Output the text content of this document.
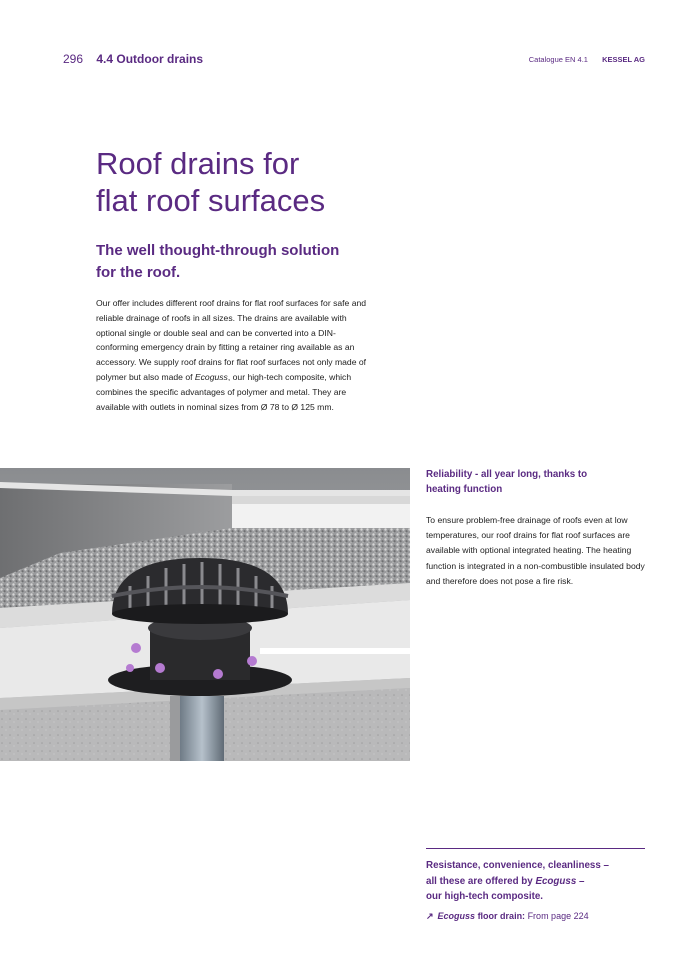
296 4.4 Outdoor drains	Catalogue EN 4.1 KESSEL AG
Roof drains for
flat roof surfaces
The well thought-through solution
for the roof.

Our offer includes different roof drains for flat roof surfaces for safe and reliable drainage of roofs in all sizes. The drains are available with optional single or double seal and can be converted into a DIN-conforming emergency drain by fitting a retainer ring available as an accessory. We supply roof drains for flat roof surfaces not only made of polymer but also made of Ecoguss, our high-tech composite, which combines the specific advantages of polymer and metal. They are available with outlets in nominal sizes from Ø 78 to Ø 125 mm.

Reliability - all year long, thanks to
heating function

To ensure problem-free drainage of roofs even at low temperatures, our roof drains for flat roof surfaces are available with optional integrated heating. The heating function is integrated in a non-combustible insulated body and therefore does not pose a fire risk.

Resistance, convenience, cleanliness –
all these are offered by Ecoguss –
our high-tech composite.

↗ Ecoguss floor drain: From page 224
